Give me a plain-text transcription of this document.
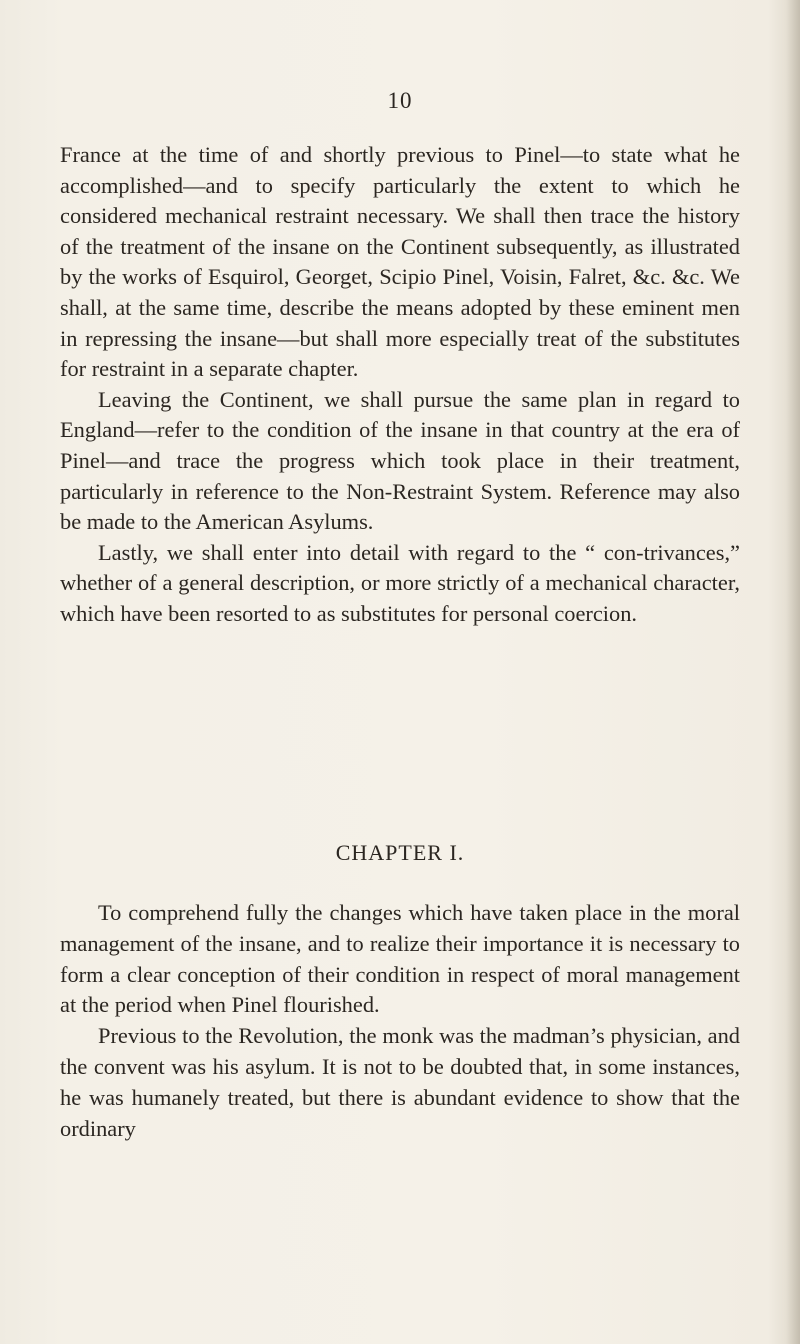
10

France at the time of and shortly previous to Pinel—to state what he accomplished—and to specify particularly the extent to which he considered mechanical restraint necessary. We shall then trace the history of the treatment of the insane on the Continent subsequently, as illustrated by the works of Esquirol, Georget, Scipio Pinel, Voisin, Falret, &c. &c. We shall, at the same time, describe the means adopted by these eminent men in repressing the insane—but shall more especially treat of the substitutes for restraint in a separate chapter.

Leaving the Continent, we shall pursue the same plan in regard to England—refer to the condition of the insane in that country at the era of Pinel—and trace the progress which took place in their treatment, particularly in reference to the Non-Restraint System. Reference may also be made to the American Asylums.

Lastly, we shall enter into detail with regard to the “ con-trivances,” whether of a general description, or more strictly of a mechanical character, which have been resorted to as substitutes for personal coercion.

CHAPTER I.

To comprehend fully the changes which have taken place in the moral management of the insane, and to realize their importance it is necessary to form a clear conception of their condition in respect of moral management at the period when Pinel flourished.

Previous to the Revolution, the monk was the madman’s physician, and the convent was his asylum. It is not to be doubted that, in some instances, he was humanely treated, but there is abundant evidence to show that the ordinary
